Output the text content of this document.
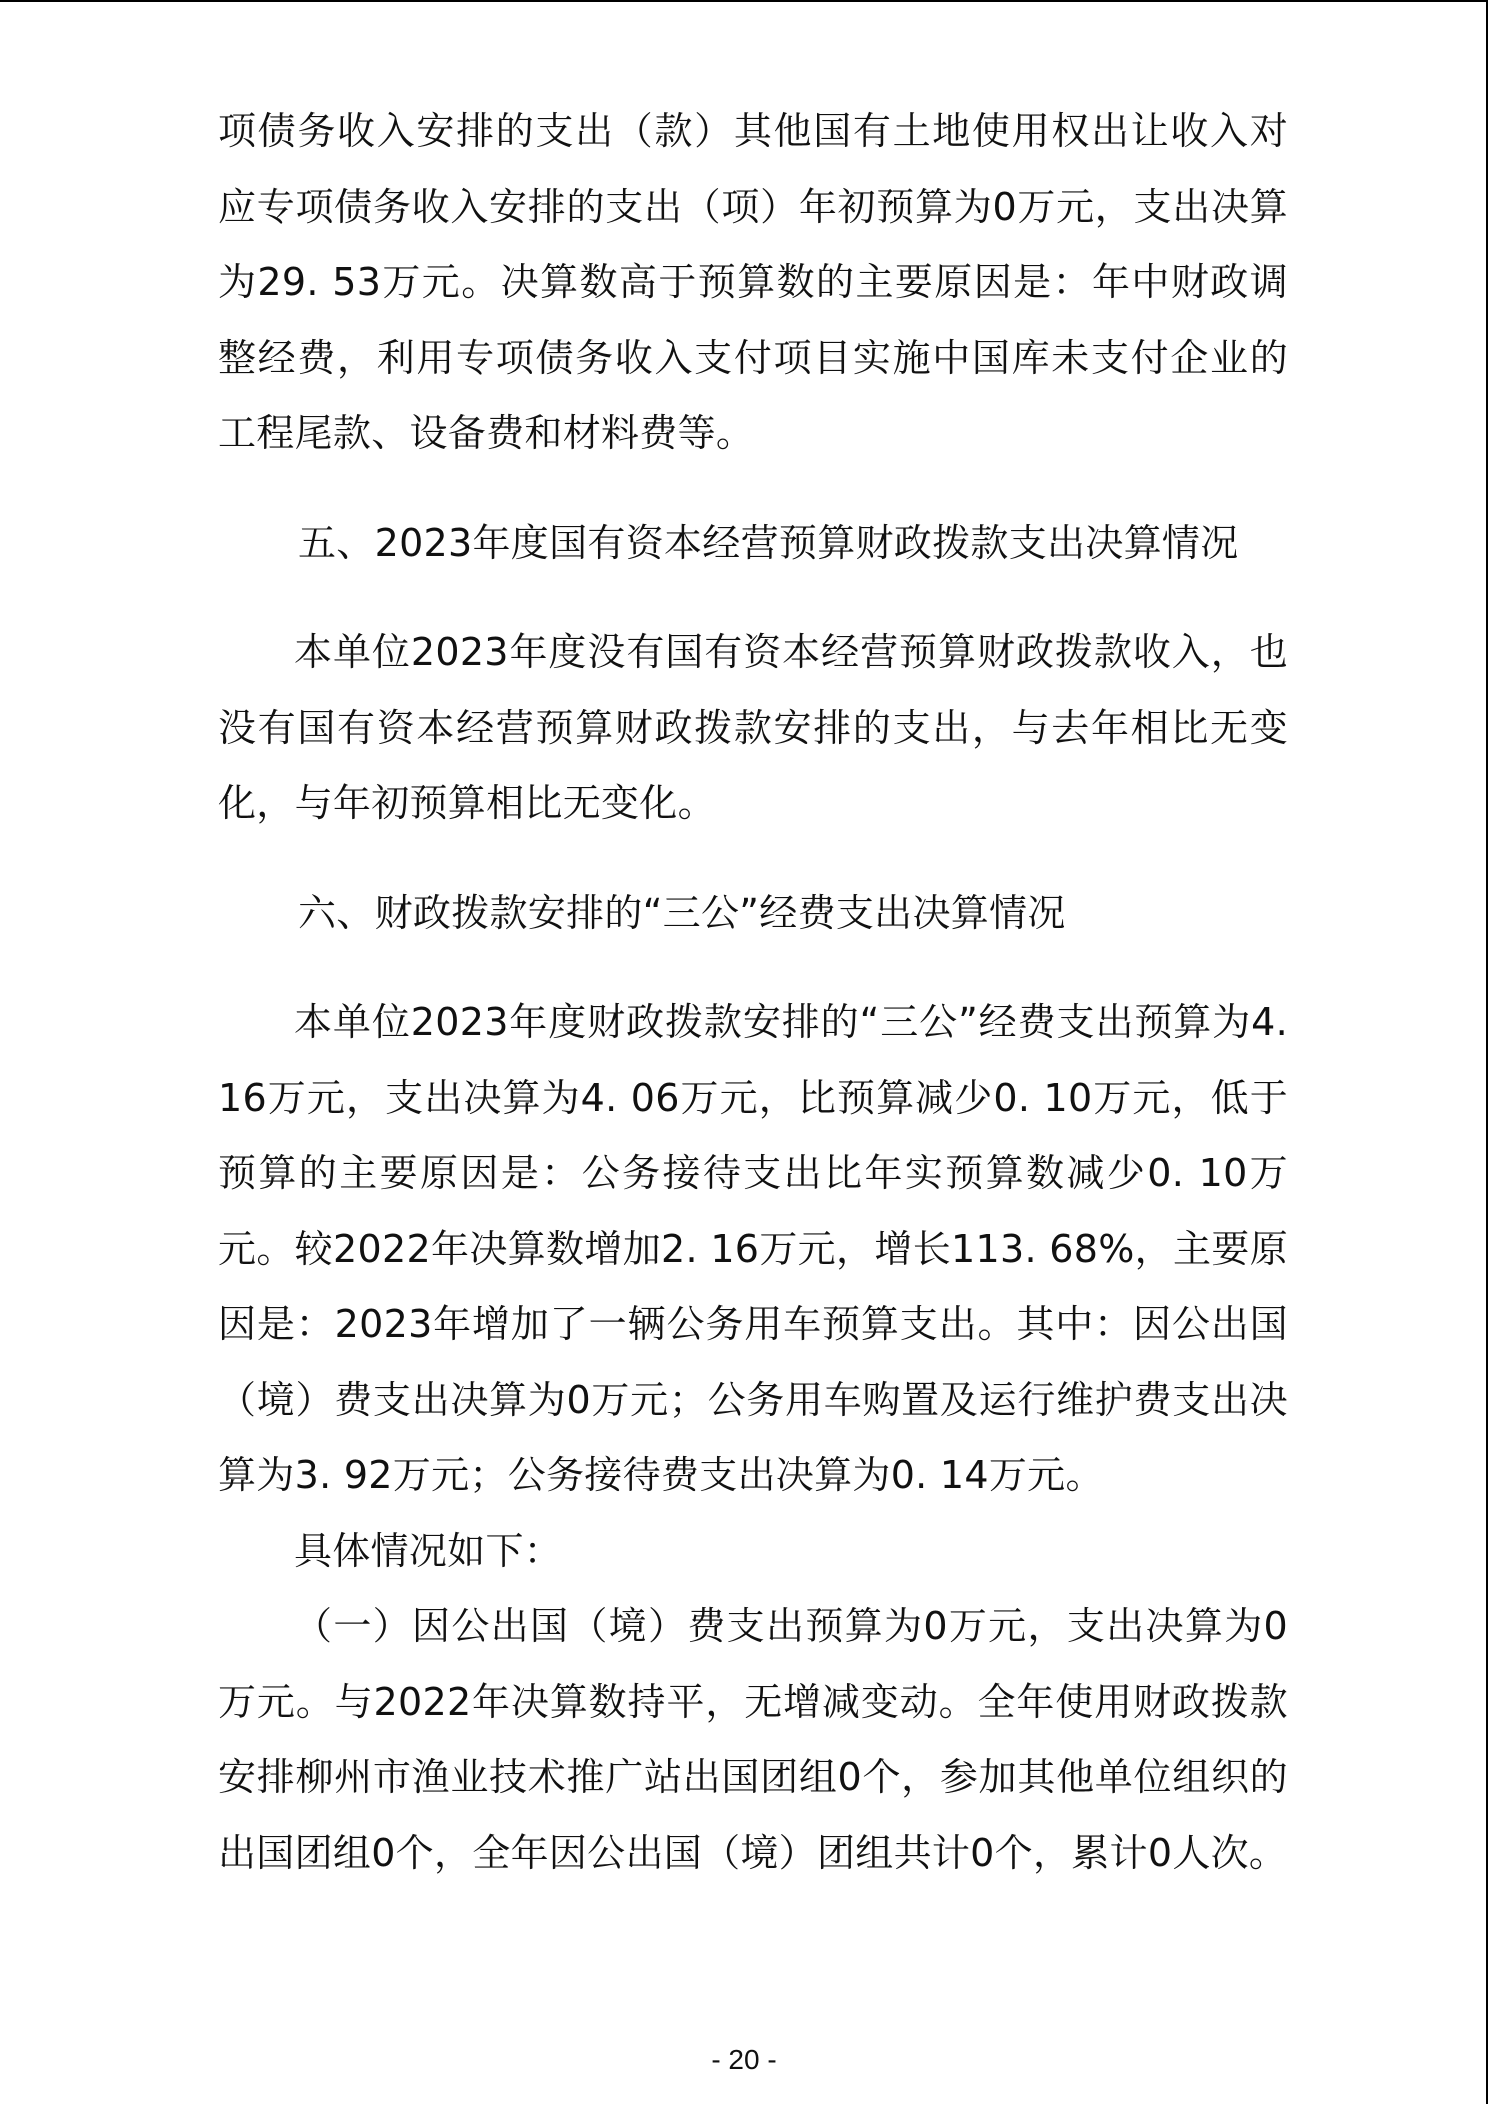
项债务收入安排的支出（款）其他国有土地使用权出让收入对应专项债务收入安排的支出（项）年初预算为0万元，支出决算为29. 53万元。决算数高于预算数的主要原因是：年中财政调整经费，利用专项债务收入支付项目实施中国库未支付企业的工程尾款、设备费和材料费等。

五、2023年度国有资本经营预算财政拨款支出决算情况

本单位2023年度没有国有资本经营预算财政拨款收入，也没有国有资本经营预算财政拨款安排的支出，与去年相比无变化，与年初预算相比无变化。

六、财政拨款安排的“三公”经费支出决算情况

本单位2023年度财政拨款安排的“三公”经费支出预算为4. 16万元，支出决算为4. 06万元，比预算减少0. 10万元，低于预算的主要原因是：公务接待支出比年实预算数减少0. 10万元。较2022年决算数增加2. 16万元，增长113. 68%，主要原因是：2023年增加了一辆公务用车预算支出。其中：因公出国（境）费支出决算为0万元；公务用车购置及运行维护费支出决算为3. 92万元；公务接待费支出决算为0. 14万元。

具体情况如下：

（一）因公出国（境）费支出预算为0万元，支出决算为0万元。与2022年决算数持平，无增减变动。全年使用财政拨款安排柳州市渔业技术推广站出国团组0个，参加其他单位组织的出国团组0个，全年因公出国（境）团组共计0个，累计0人次。

- 20 -
